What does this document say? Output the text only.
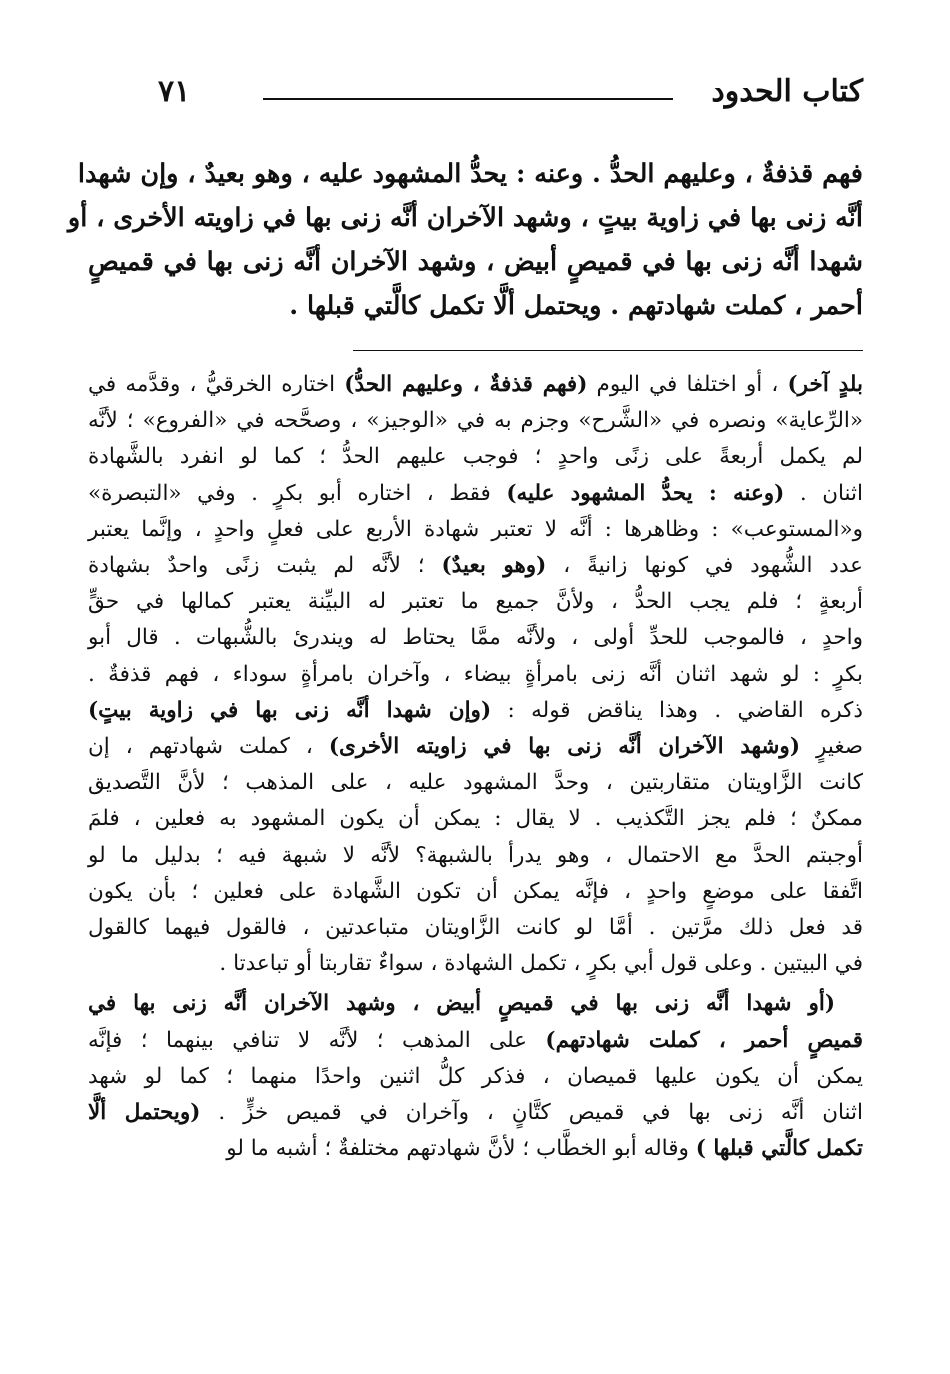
كتاب الحدود
٧١
فهم قذفةٌ ، وعليهم الحدُّ . وعنه : يحدُّ المشهود عليه ، وهو بعيدٌ ، وإن شهدا
أنَّه زنى بها في زاوية بيتٍ ، وشهد الآخران أنَّه زنى بها في زاويته الأخرى ، أو
شهدا أنَّه زنى بها في قميصٍ أبيض ، وشهد الآخران أنَّه زنى بها في قميصٍ
أحمر ، كملت شهادتهم . ويحتمل ألَّا تكمل كالَّتي قبلها .
بلدٍ آخر) ، أو اختلفا في اليوم (فهم قذفةٌ ، وعليهم الحدُّ) اختاره الخرقيُّ ، وقدَّمه في
«الرِّعاية» ونصره في «الشَّرح» وجزم به في «الوجيز» ، وصحَّحه في «الفروع» ؛ لأنَّه
لم يكمل أربعةً على زنًى واحدٍ ؛ فوجب عليهم الحدُّ ؛ كما لو انفرد بالشَّهادة
اثنان . (وعنه : يحدُّ المشهود عليه) فقط ، اختاره أبو بكرٍ . وفي «التبصرة»
و«المستوعب» : وظاهرها : أنَّه لا تعتبر شهادة الأربع على فعلٍ واحدٍ ، وإنَّما يعتبر
عدد الشُّهود في كونها زانيةً ، (وهو بعيدٌ) ؛ لأنَّه لم يثبت زنًى واحدٌ بشهادة
أربعةٍ ؛ فلم يجب الحدُّ ، ولأنَّ جميع ما تعتبر له البيِّنة يعتبر كمالها في حقٍّ
واحدٍ ، فالموجب للحدِّ أولى ، ولأنَّه ممَّا يحتاط له ويندرئ بالشُّبهات . قال أبو
بكرٍ : لو شهد اثنان أنَّه زنى بامرأةٍ بيضاء ، وآخران بامرأةٍ سوداء ، فهم قذفةٌ .
ذكره القاضي . وهذا يناقض قوله : (وإن شهدا أنَّه زنى بها في زاوية بيتٍ)
صغيرٍ (وشهد الآخران أنَّه زنى بها في زاويته الأخرى) ، كملت شهادتهم ، إن
كانت الزَّاويتان متقاربتين ، وحدَّ المشهود عليه ، على المذهب ؛ لأنَّ التَّصديق
ممكنٌ ؛ فلم يجز التَّكذيب . لا يقال : يمكن أن يكون المشهود به فعلين ، فلمَ
أوجبتم الحدَّ مع الاحتمال ، وهو يدرأ بالشبهة؟ لأنَّه لا شبهة فيه ؛ بدليل ما لو
اتَّفقا على موضعٍ واحدٍ ، فإنَّه يمكن أن تكون الشَّهادة على فعلين ؛ بأن يكون
قد فعل ذلك مرَّتين . أمَّا لو كانت الزَّاويتان متباعدتين ، فالقول فيهما كالقول
في البيتين . وعلى قول أبي بكرٍ ، تكمل الشهادة ، سواءٌ تقاربتا أو تباعدتا .
(أو شهدا أنَّه زنى بها في قميصٍ أبيض ، وشهد الآخران أنَّه زنى بها في
قميصٍ أحمر ، كملت شهادتهم) على المذهب ؛ لأنَّه لا تنافي بينهما ؛ فإنَّه
يمكن أن يكون عليها قميصان ، فذكر كلُّ اثنين واحدًا منهما ؛ كما لو شهد
اثنان أنَّه زنى بها في قميص كتَّانٍ ، وآخران في قميص خزٍّ . (ويحتمل ألَّا
تكمل كالَّتي قبلها ) وقاله أبو الخطَّاب ؛ لأنَّ شهادتهم مختلفةٌ ؛ أشبه ما لو
